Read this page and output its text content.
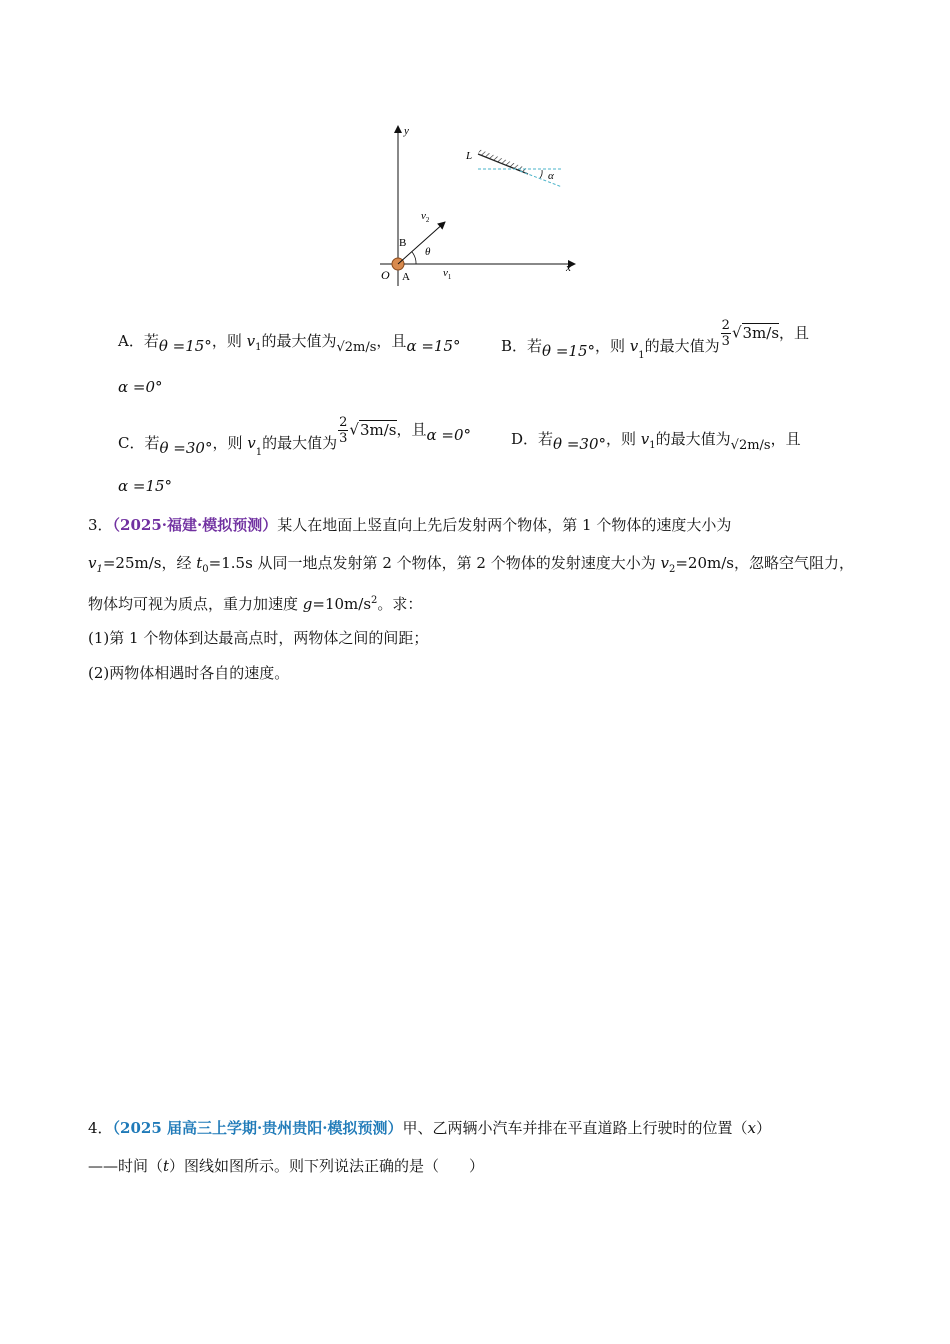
y
x
O A
B
$v_1$
$v_2$
θ
L
α
A．若θ =15°，则 $v_1$的最大值为√2m/s，且α =15°	B．若θ =15°，则 $v_1$的最大值为 $\frac{2}{3} √3m/s$，且
α =0°
C．若θ =30°，则 $v_1$的最大值为 $\frac{2}{3} √3m/s$，且α =0°	D．若θ =30°，则 $v_1$的最大值为√2m/s，且
α =15°
3．（2025·福建·模拟预测）某人在地面上竖直向上先后发射两个物体，第 1 个物体的速度大小为
$v_1=25m/s$，经 $t_0=1.5s$ 从同一地点发射第 2 个物体，第 2 个物体的发射速度大小为 $v_2=20m/s$，忽略空气阻力，
物体均可视为质点，重力加速度 $g=10m/s^2$。求：
(1)第 1 个物体到达最高点时，两物体之间的间距；
(2)两物体相遇时各自的速度。
4．（2025 届高三上学期·贵州贵阳·模拟预测）甲、乙两辆小汽车并排在平直道路上行驶时的位置（x）
——时间（t）图线如图所示。则下列说法正确的是（　　）
